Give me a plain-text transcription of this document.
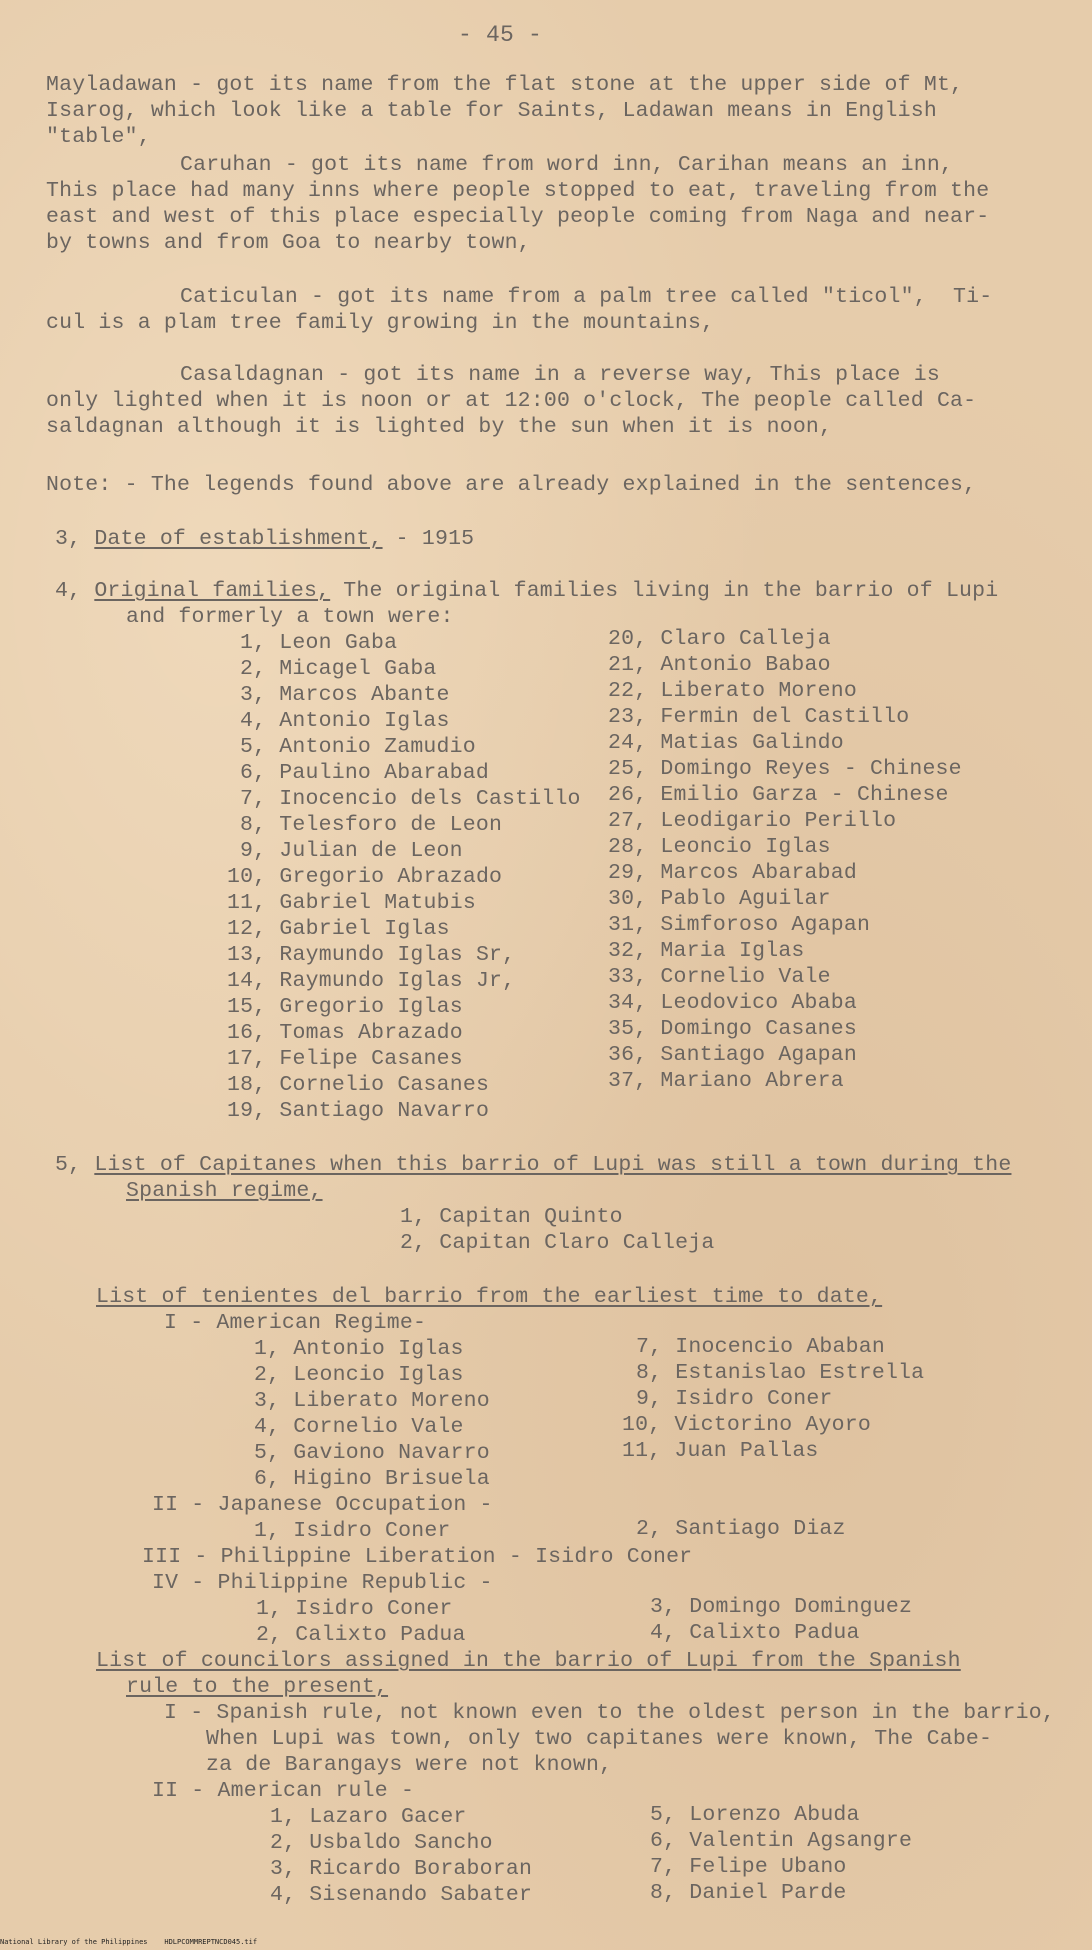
- 45 -
Mayladawan - got its name from the flat stone at the upper side of Mt,
Isarog, which look like a table for Saints, Ladawan means in English
"table",
Caruhan - got its name from word inn, Carihan means an inn,
This place had many inns where people stopped to eat, traveling from the
east and west of this place especially people coming from Naga and near-
by towns and from Goa to nearby town,
Caticulan - got its name from a palm tree called "ticol",  Ti-
cul is a plam tree family growing in the mountains,
Casaldagnan - got its name in a reverse way, This place is
only lighted when it is noon or at 12:00 o'clock, The people called Ca-
saldagnan although it is lighted by the sun when it is noon,
Note: - The legends found above are already explained in the sentences,
3, Date of establishment, - 1915
4, Original families, The original families living in the barrio of Lupi
and formerly a town were:
1, Leon Gaba
2, Micagel Gaba
3, Marcos Abante
4, Antonio Iglas
5, Antonio Zamudio
6, Paulino Abarabad
7, Inocencio dels Castillo
8, Telesforo de Leon
9, Julian de Leon
10, Gregorio Abrazado
11, Gabriel Matubis
12, Gabriel Iglas
13, Raymundo Iglas Sr,
14, Raymundo Iglas Jr,
15, Gregorio Iglas
16, Tomas Abrazado
17, Felipe Casanes
18, Cornelio Casanes
19, Santiago Navarro
20, Claro Calleja
21, Antonio Babao
22, Liberato Moreno
23, Fermin del Castillo
24, Matias Galindo
25, Domingo Reyes - Chinese
26, Emilio Garza - Chinese
27, Leodigario Perillo
28, Leoncio Iglas
29, Marcos Abarabad
30, Pablo Aguilar
31, Simforoso Agapan
32, Maria Iglas
33, Cornelio Vale
34, Leodovico Ababa
35, Domingo Casanes
36, Santiago Agapan
37, Mariano Abrera
5, List of Capitanes when this barrio of Lupi was still a town during the
Spanish regime,
1, Capitan Quinto
2, Capitan Claro Calleja
List of tenientes del barrio from the earliest time to date,
I - American Regime-
1, Antonio Iglas
2, Leoncio Iglas
3, Liberato Moreno
4, Cornelio Vale
5, Gaviono Navarro
6, Higino Brisuela
7, Inocencio Ababan
8, Estanislao Estrella
9, Isidro Coner
10, Victorino Ayoro
11, Juan Pallas
II - Japanese Occupation -
1, Isidro Coner	2, Santiago Diaz
III - Philippine Liberation - Isidro Coner
IV - Philippine Republic -
1, Isidro Coner
2, Calixto Padua
3, Domingo Dominguez
4, Calixto Padua
List of councilors assigned in the barrio of Lupi from the Spanish
rule to the present,
I - Spanish rule, not known even to the oldest person in the barrio,
When Lupi was town, only two capitanes were known, The Cabe-
za de Barangays were not known,
II - American rule -
1, Lazaro Gacer
2, Usbaldo Sancho
3, Ricardo Boraboran
4, Sisenando Sabater
5, Lorenzo Abuda
6, Valentin Agsangre
7, Felipe Ubano
8, Daniel Parde
National Library of the Philippines    HDLPCOMMREPTNCD045.tif
